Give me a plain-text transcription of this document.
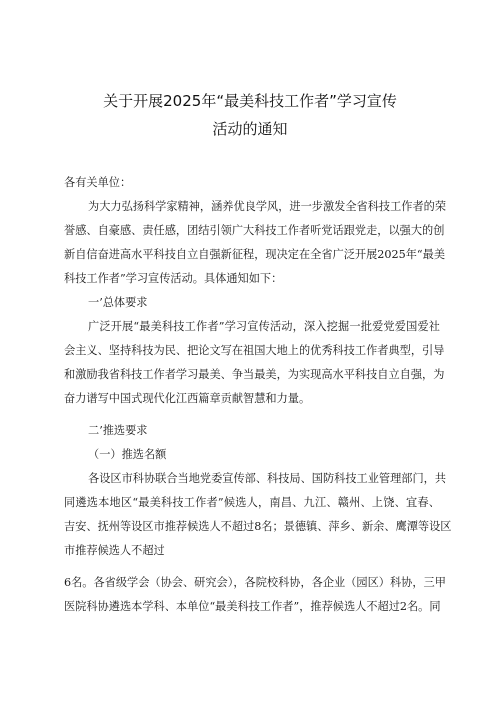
关于开展2025年“最美科技工作者”学习宣传
活动的通知
各有关单位：
为大力弘扬科学家精神，涵养优良学风，进一步激发全省科技工作者的荣
誉感、自豪感、责任感，团结引领广大科技工作者听党话跟党走，以强大的创
新自信奋进高水平科技自立自强新征程，现决定在全省广泛开展2025年“最美
科技工作者”学习宣传活动。具体通知如下：
一’总体要求
广泛开展“最美科技工作者”学习宣传活动，深入挖掘一批爱党爱国爱社
会主义、坚持科技为民、把论文写在祖国大地上的优秀科技工作者典型，引导
和激励我省科技工作者学习最美、争当最美，为实现高水平科技自立自强，为
奋力谱写中国式现代化江西篇章贡献智慧和力量。
二’推选要求
（一）推选名额
各设区市科协联合当地党委宣传部、科技局、国防科技工业管理部门，共
同遴选本地区“最美科技工作者”候选人，南昌、九江、赣州、上饶、宜春、
吉安、抚州等设区市推荐候选人不超过8名；景德镇、萍乡、新余、鹰潭等设区
市推荐候选人不超过
6名。各省级学会（协会、研究会），各院校科协，各企业（园区）科协，三甲
医院科协遴选本学科、本单位“最美科技工作者”，推荐候选人不超过2名。同
